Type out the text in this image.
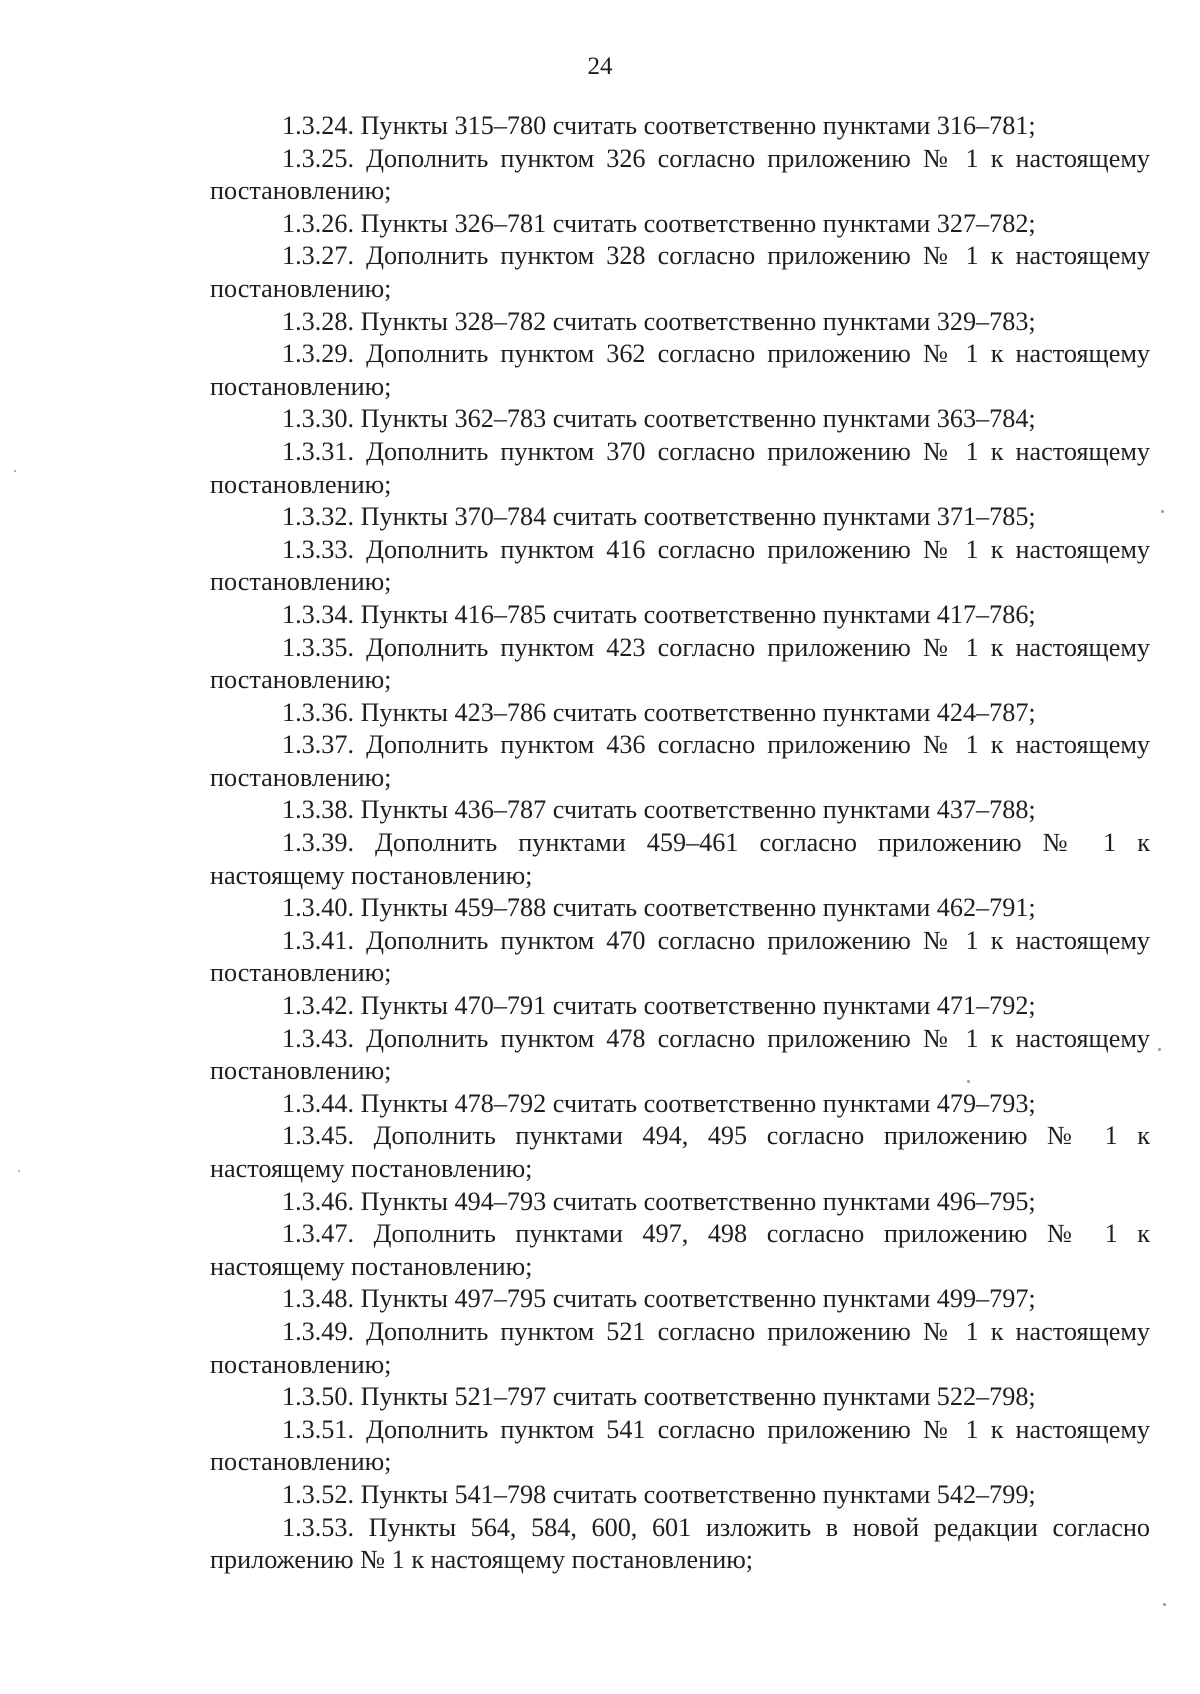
24

1.3.24. Пункты 315–780 считать соответственно пунктами 316–781;

1.3.25. Дополнить пунктом 326 согласно приложению № 1 к настоящему постановлению;

1.3.26. Пункты 326–781 считать соответственно пунктами 327–782;

1.3.27. Дополнить пунктом 328 согласно приложению № 1 к настоящему постановлению;

1.3.28. Пункты 328–782 считать соответственно пунктами 329–783;

1.3.29. Дополнить пунктом 362 согласно приложению № 1 к настоящему постановлению;

1.3.30. Пункты 362–783 считать соответственно пунктами 363–784;

1.3.31. Дополнить пунктом 370 согласно приложению № 1 к настоящему постановлению;

1.3.32. Пункты 370–784 считать соответственно пунктами 371–785;

1.3.33. Дополнить пунктом 416 согласно приложению № 1 к настоящему постановлению;

1.3.34. Пункты 416–785 считать соответственно пунктами 417–786;

1.3.35. Дополнить пунктом 423 согласно приложению № 1 к настоящему постановлению;

1.3.36. Пункты 423–786 считать соответственно пунктами 424–787;

1.3.37. Дополнить пунктом 436 согласно приложению № 1 к настоящему постановлению;

1.3.38. Пункты 436–787 считать соответственно пунктами 437–788;

1.3.39. Дополнить пунктами 459–461 согласно приложению № 1 к настоящему постановлению;

1.3.40. Пункты 459–788 считать соответственно пунктами 462–791;

1.3.41. Дополнить пунктом 470 согласно приложению № 1 к настоящему постановлению;

1.3.42. Пункты 470–791 считать соответственно пунктами 471–792;

1.3.43. Дополнить пунктом 478 согласно приложению № 1 к настоящему постановлению;

1.3.44. Пункты 478–792 считать соответственно пунктами 479–793;

1.3.45. Дополнить пунктами 494, 495 согласно приложению № 1 к настоящему постановлению;

1.3.46. Пункты 494–793 считать соответственно пунктами 496–795;

1.3.47. Дополнить пунктами 497, 498 согласно приложению № 1 к настоящему постановлению;

1.3.48. Пункты 497–795 считать соответственно пунктами 499–797;

1.3.49. Дополнить пунктом 521 согласно приложению № 1 к настоящему постановлению;

1.3.50. Пункты 521–797 считать соответственно пунктами 522–798;

1.3.51. Дополнить пунктом 541 согласно приложению № 1 к настоящему постановлению;

1.3.52. Пункты 541–798 считать соответственно пунктами 542–799;

1.3.53. Пункты 564, 584, 600, 601 изложить в новой редакции согласно приложению № 1 к настоящему постановлению;
